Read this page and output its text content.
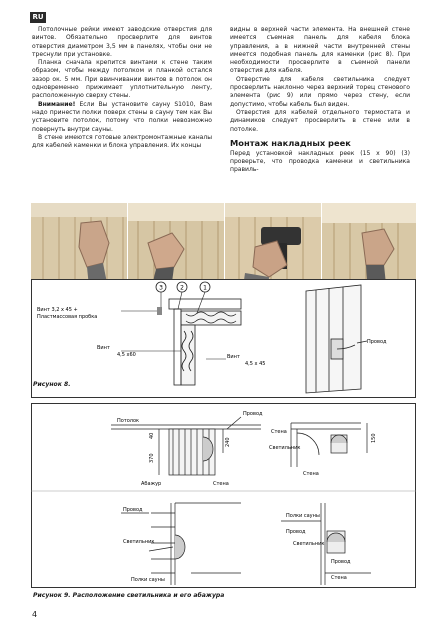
RU

Потолочные рейки имеют заводские отверстия для винтов. Обязательно просверлите для винтов отверстия диаметром 3,5 мм в панелях, чтобы они не треснули при установке.

Планка сначала крепится винтами к стене таким образом, чтобы между потолком и планкой остался зазор ок. 5 мм. При ввинчивании винтов в потолок он одновременно прижимает уплотнительную ленту, расположенную сверху стены.

Внимание! Если Вы установите сауну S1010, Вам надо принести полки поверх стены в сауну тем как Вы установите потолок, потому что полки невозможно повернуть внутри сауны.

В стене имеются готовые электромонтажные каналы для кабелей каменки и блока управления. Их концы

видны в верхней части элемента. На внешней стене имеется съемная панель для кабеля блока управления, а в нижней части внутренней стены имеется подобная панель для каменки (рис 8). При необходимости просверлите в съемной панели отверстия для кабеля.

Отверстие для кабеля светильника следует просверлить наклонно через верхний торец стенового элемента (рис 9) или прямо через стену, если допустимо, чтобы кабель был виден.

Отверстия для кабелей отдельного термостата и динамиков следует просверлить в стене или в потолке.

Монтаж накладных реек

Перед установкой накладных реек (15 x 90) (3) проверьте, что проводка каменки и светильника правиль-

3	2	1
Винт 3,2 x 45 +
Пластмассовая пробка
Винт
4,5 x60	Винт
4,5 x 45
Провод
Рисунок 8.
Потолок
Провод
40
240
370
Абажур	Стена
Стена
Светильник
150
Стена
Провод
Светильник
Полки сауны
Полки сауны
Провод
Светильник
Провод
Стена
Рисунок 9. Расположение светильника и его абажура
4
